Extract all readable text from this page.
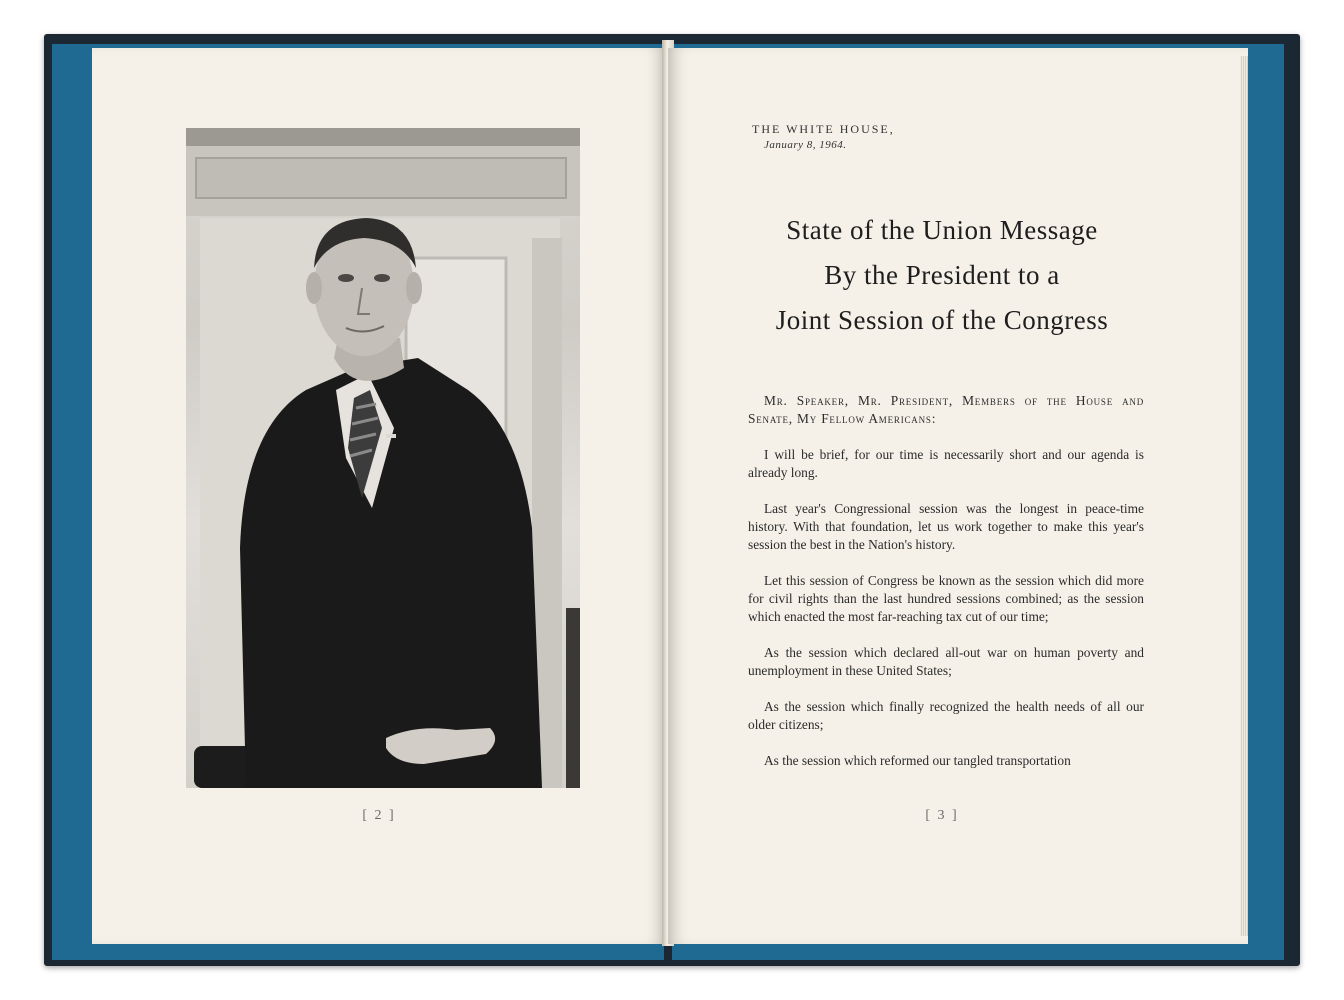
[ 2 ]
THE WHITE HOUSE,
January 8, 1964.
State of the Union Message
By the President to a
Joint Session of the Congress

Mr. Speaker, Mr. President, Members of the House and Senate, My Fellow Americans:

I will be brief, for our time is necessarily short and our agenda is already long.

Last year's Congressional session was the longest in peace-time history. With that foundation, let us work together to make this year's session the best in the Nation's history.

Let this session of Congress be known as the session which did more for civil rights than the last hundred sessions combined; as the session which enacted the most far-reaching tax cut of our time;

As the session which declared all-out war on human poverty and unemployment in these United States;

As the session which finally recognized the health needs of all our older citizens;

As the session which reformed our tangled transportation

[ 3 ]
